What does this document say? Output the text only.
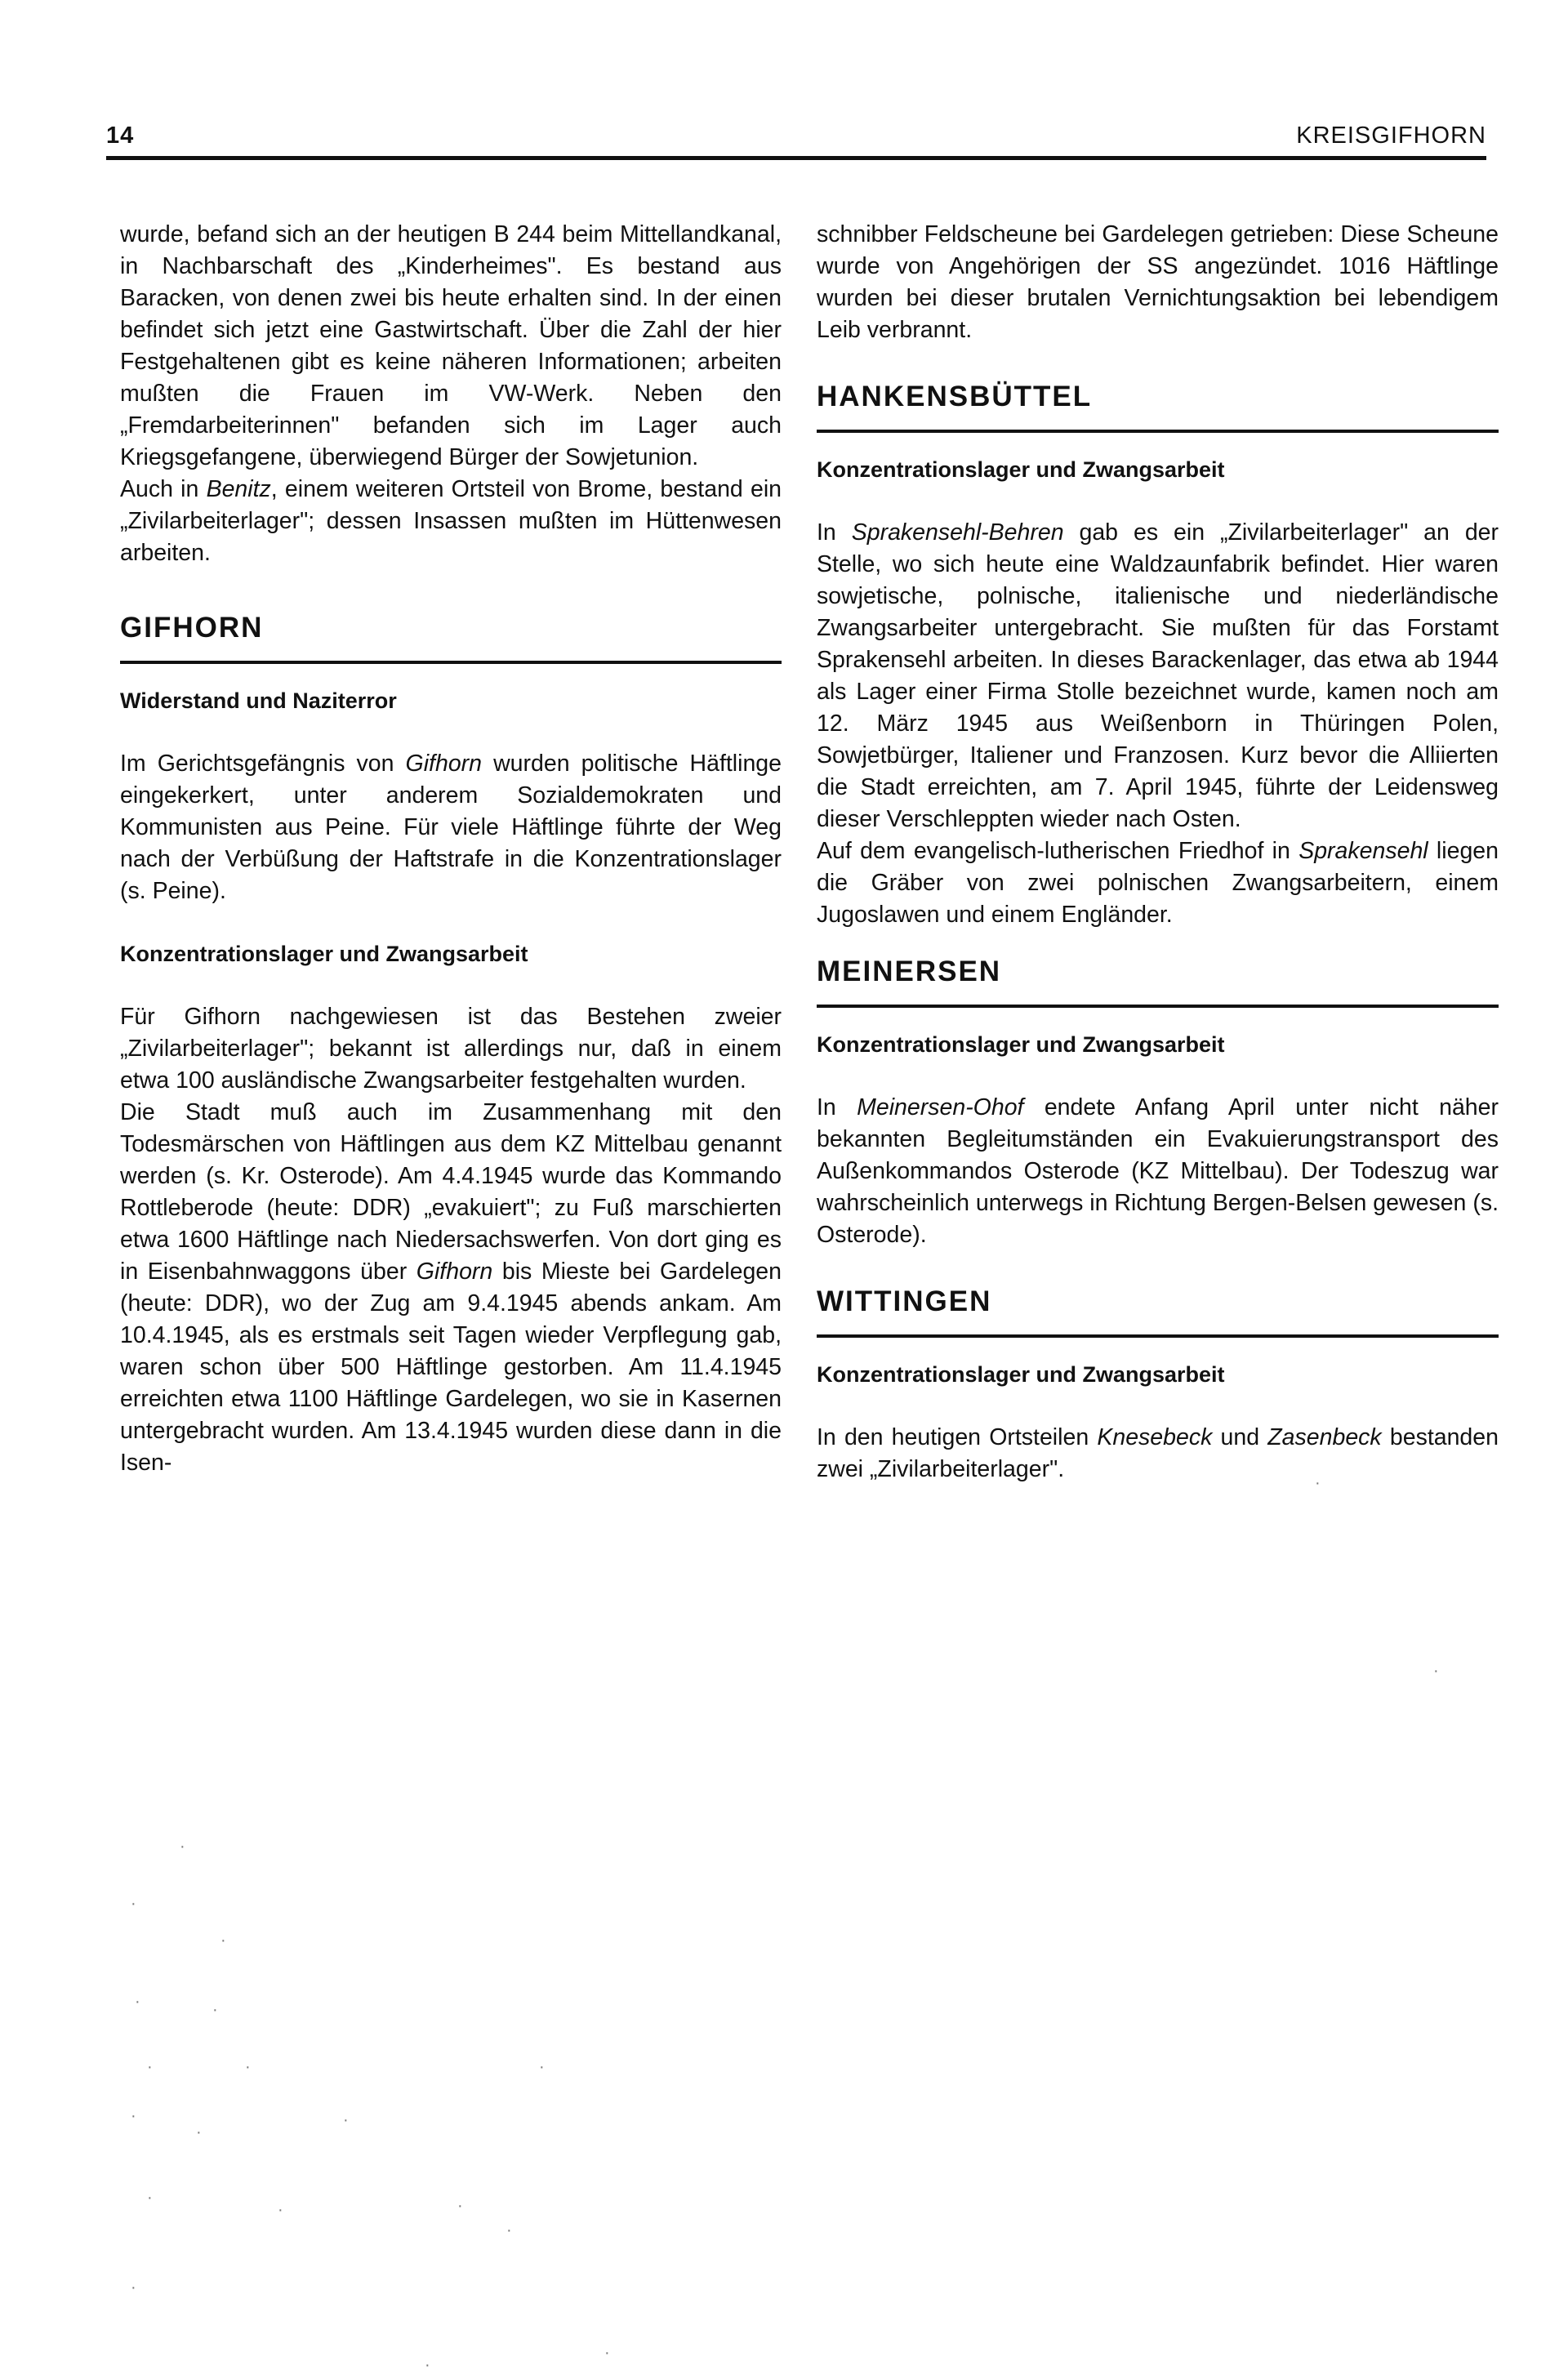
14	KREISGIFHORN

wurde, befand sich an der heutigen B 244 beim Mittellandkanal, in Nachbarschaft des „Kinderheimes". Es bestand aus Baracken, von denen zwei bis heute erhalten sind. In der einen befindet sich jetzt eine Gastwirtschaft. Über die Zahl der hier Festgehaltenen gibt es keine näheren Informationen; arbeiten mußten die Frauen im VW-Werk. Neben den „Fremdarbeiterinnen" befanden sich im Lager auch Kriegsgefangene, überwiegend Bürger der Sowjetunion.

Auch in Benitz, einem weiteren Ortsteil von Brome, bestand ein „Zivilarbeiterlager"; dessen Insassen mußten im Hüttenwesen arbeiten.

GIFHORN
Widerstand und Naziterror

Im Gerichtsgefängnis von Gifhorn wurden politische Häftlinge eingekerkert, unter anderem Sozialdemokraten und Kommunisten aus Peine. Für viele Häftlinge führte der Weg nach der Verbüßung der Haftstrafe in die Konzentrationslager (s. Peine).

Konzentrationslager und Zwangsarbeit

Für Gifhorn nachgewiesen ist das Bestehen zweier „Zivilarbeiterlager"; bekannt ist allerdings nur, daß in einem etwa 100 ausländische Zwangsarbeiter festgehalten wurden.

Die Stadt muß auch im Zusammenhang mit den Todesmärschen von Häftlingen aus dem KZ Mittelbau genannt werden (s. Kr. Osterode). Am 4.4.1945 wurde das Kommando Rottleberode (heute: DDR) „evakuiert"; zu Fuß marschierten etwa 1600 Häftlinge nach Niedersachswerfen. Von dort ging es in Eisenbahnwaggons über Gifhorn bis Mieste bei Gardelegen (heute: DDR), wo der Zug am 9.4.1945 abends ankam. Am 10.4.1945, als es erstmals seit Tagen wieder Verpflegung gab, waren schon über 500 Häftlinge gestorben. Am 11.4.1945 erreichten etwa 1100 Häftlinge Gardelegen, wo sie in Kasernen untergebracht wurden. Am 13.4.1945 wurden diese dann in die Isen-

schnibber Feldscheune bei Gardelegen getrieben: Diese Scheune wurde von Angehörigen der SS angezündet. 1016 Häftlinge wurden bei dieser brutalen Vernichtungsaktion bei lebendigem Leib verbrannt.

HANKENSBÜTTEL
Konzentrationslager und Zwangsarbeit

In Sprakensehl-Behren gab es ein „Zivilarbeiterlager" an der Stelle, wo sich heute eine Waldzaunfabrik befindet. Hier waren sowjetische, polnische, italienische und niederländische Zwangsarbeiter untergebracht. Sie mußten für das Forstamt Sprakensehl arbeiten. In dieses Barackenlager, das etwa ab 1944 als Lager einer Firma Stolle bezeichnet wurde, kamen noch am 12. März 1945 aus Weißenborn in Thüringen Polen, Sowjetbürger, Italiener und Franzosen. Kurz bevor die Alliierten die Stadt erreichten, am 7. April 1945, führte der Leidensweg dieser Verschleppten wieder nach Osten.

Auf dem evangelisch-lutherischen Friedhof in Sprakensehl liegen die Gräber von zwei polnischen Zwangsarbeitern, einem Jugoslawen und einem Engländer.

MEINERSEN
Konzentrationslager und Zwangsarbeit

In Meinersen-Ohof endete Anfang April unter nicht näher bekannten Begleitumständen ein Evakuierungstransport des Außenkommandos Osterode (KZ Mittelbau). Der Todeszug war wahrscheinlich unterwegs in Richtung Bergen-Belsen gewesen (s. Osterode).

WITTINGEN
Konzentrationslager und Zwangsarbeit

In den heutigen Ortsteilen Knesebeck und Zasenbeck bestanden zwei „Zivilarbeiterlager".

·
·
·
·
·
·	·
·	·	·
·
·
·
·
·	·
·
·
·
·
